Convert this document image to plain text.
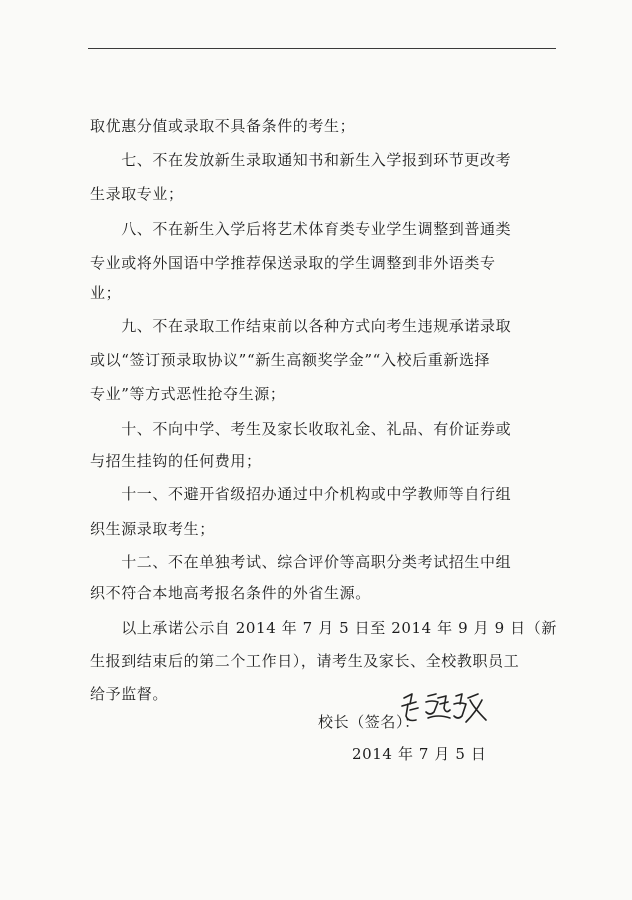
取优惠分值或录取不具备条件的考生；
　　七、不在发放新生录取通知书和新生入学报到环节更改考
生录取专业；
　　八、不在新生入学后将艺术体育类专业学生调整到普通类
专业或将外国语中学推荐保送录取的学生调整到非外语类专
业；
　　九、不在录取工作结束前以各种方式向考生违规承诺录取
或以“签订预录取协议”“新生高额奖学金”“入校后重新选择
专业”等方式恶性抢夺生源；
　　十、不向中学、考生及家长收取礼金、礼品、有价证券或
与招生挂钩的任何费用；
　　十一、不避开省级招办通过中介机构或中学教师等自行组
织生源录取考生；
　　十二、不在单独考试、综合评价等高职分类考试招生中组
织不符合本地高考报名条件的外省生源。
　　以上承诺公示自 2014 年 7 月 5 日至 2014 年 9 月 9 日（新
生报到结束后的第二个工作日），请考生及家长、全校教职员工
给予监督。
校长（签名）：
2014 年 7 月 5 日
